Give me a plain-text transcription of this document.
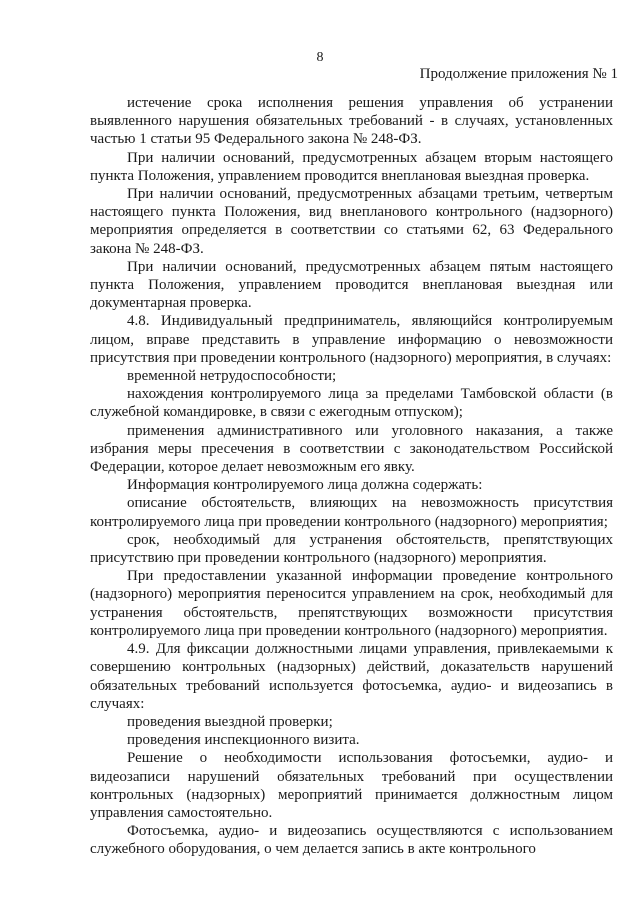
8
Продолжение приложения № 1

истечение срока исполнения решения управления об устранении выявленного нарушения обязательных требований - в случаях, установленных частью 1 статьи 95 Федерального закона № 248-ФЗ.

При наличии оснований, предусмотренных абзацем вторым настоящего пункта Положения, управлением проводится внеплановая выездная проверка.

При наличии оснований, предусмотренных абзацами третьим, четвертым настоящего пункта Положения, вид внепланового контрольного (надзорного) мероприятия определяется в соответствии со статьями 62, 63 Федерального закона № 248-ФЗ.

При наличии оснований, предусмотренных абзацем пятым настоящего пункта Положения, управлением проводится внеплановая выездная или документарная проверка.

4.8. Индивидуальный предприниматель, являющийся контролируемым лицом, вправе представить в управление информацию о невозможности присутствия при проведении контрольного (надзорного) мероприятия, в случаях:

временной нетрудоспособности;

нахождения контролируемого лица за пределами Тамбовской области (в служебной командировке, в связи с ежегодным отпуском);

применения административного или уголовного наказания, а также избрания меры пресечения в соответствии с законодательством Российской Федерации, которое делает невозможным его явку.

Информация контролируемого лица должна содержать:

описание обстоятельств, влияющих на невозможность присутствия контролируемого лица при проведении контрольного (надзорного) мероприятия;

срок, необходимый для устранения обстоятельств, препятствующих присутствию при проведении контрольного (надзорного) мероприятия.

При предоставлении указанной информации проведение контрольного (надзорного) мероприятия переносится управлением на срок, необходимый для устранения обстоятельств, препятствующих возможности присутствия контролируемого лица при проведении контрольного (надзорного) мероприятия.

4.9. Для фиксации должностными лицами управления, привлекаемыми к совершению контрольных (надзорных) действий, доказательств нарушений обязательных требований используется фотосъемка, аудио- и видеозапись в случаях:

проведения выездной проверки;

проведения инспекционного визита.

Решение о необходимости использования фотосъемки, аудио- и видеозаписи нарушений обязательных требований при осуществлении контрольных (надзорных) мероприятий принимается должностным лицом управления самостоятельно.

Фотосъемка, аудио- и видеозапись осуществляются с использованием служебного оборудования, о чем делается запись в акте контрольного
